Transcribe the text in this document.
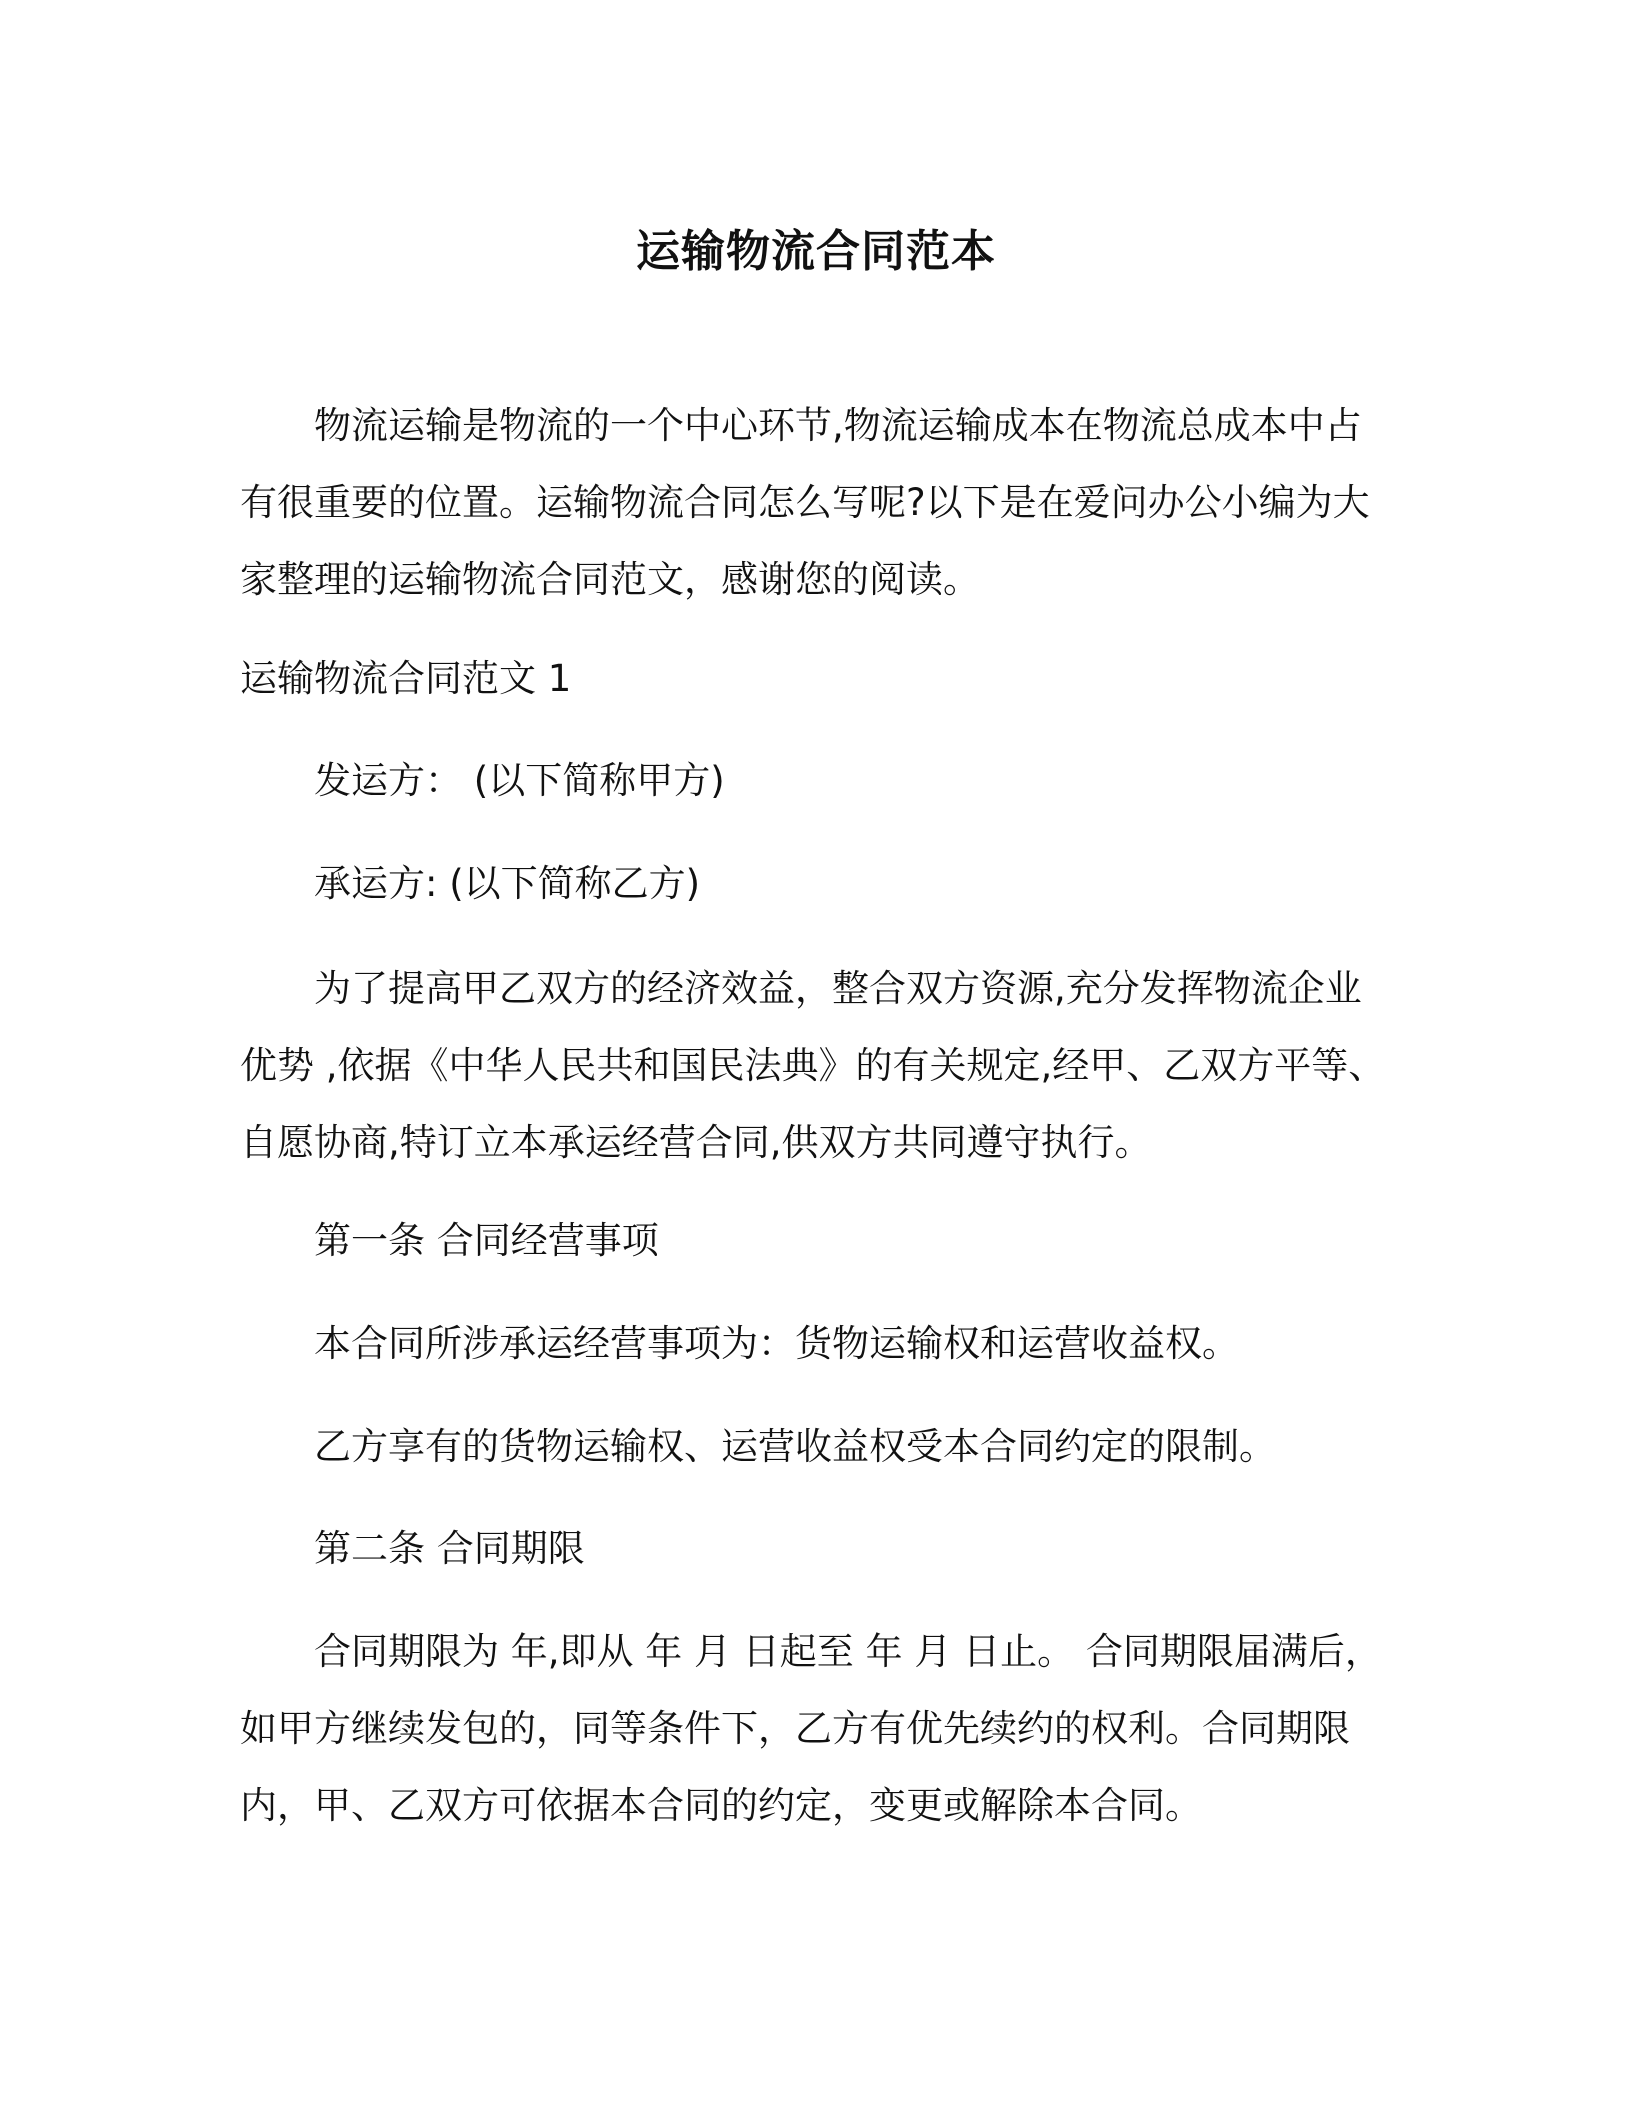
运输物流合同范本

物流运输是物流的一个中心环节,物流运输成本在物流总成本中占有很重要的位置。运输物流合同怎么写呢?以下是在爱问办公小编为大家整理的运输物流合同范文，感谢您的阅读。

运输物流合同范文 1

发运方： (以下简称甲方)

承运方: (以下简称乙方)

为了提高甲乙双方的经济效益，整合双方资源,充分发挥物流企业优势 ,依据《中华人民共和国民法典》的有关规定,经甲、乙双方平等、自愿协商,特订立本承运经营合同,供双方共同遵守执行。

第一条 合同经营事项

本合同所涉承运经营事项为：货物运输权和运营收益权。

乙方享有的货物运输权、运营收益权受本合同约定的限制。

第二条 合同期限

合同期限为 年,即从 年 月 日起至 年 月 日止。 合同期限届满后，如甲方继续发包的，同等条件下，乙方有优先续约的权利。合同期限内，甲、乙双方可依据本合同的约定，变更或解除本合同。
